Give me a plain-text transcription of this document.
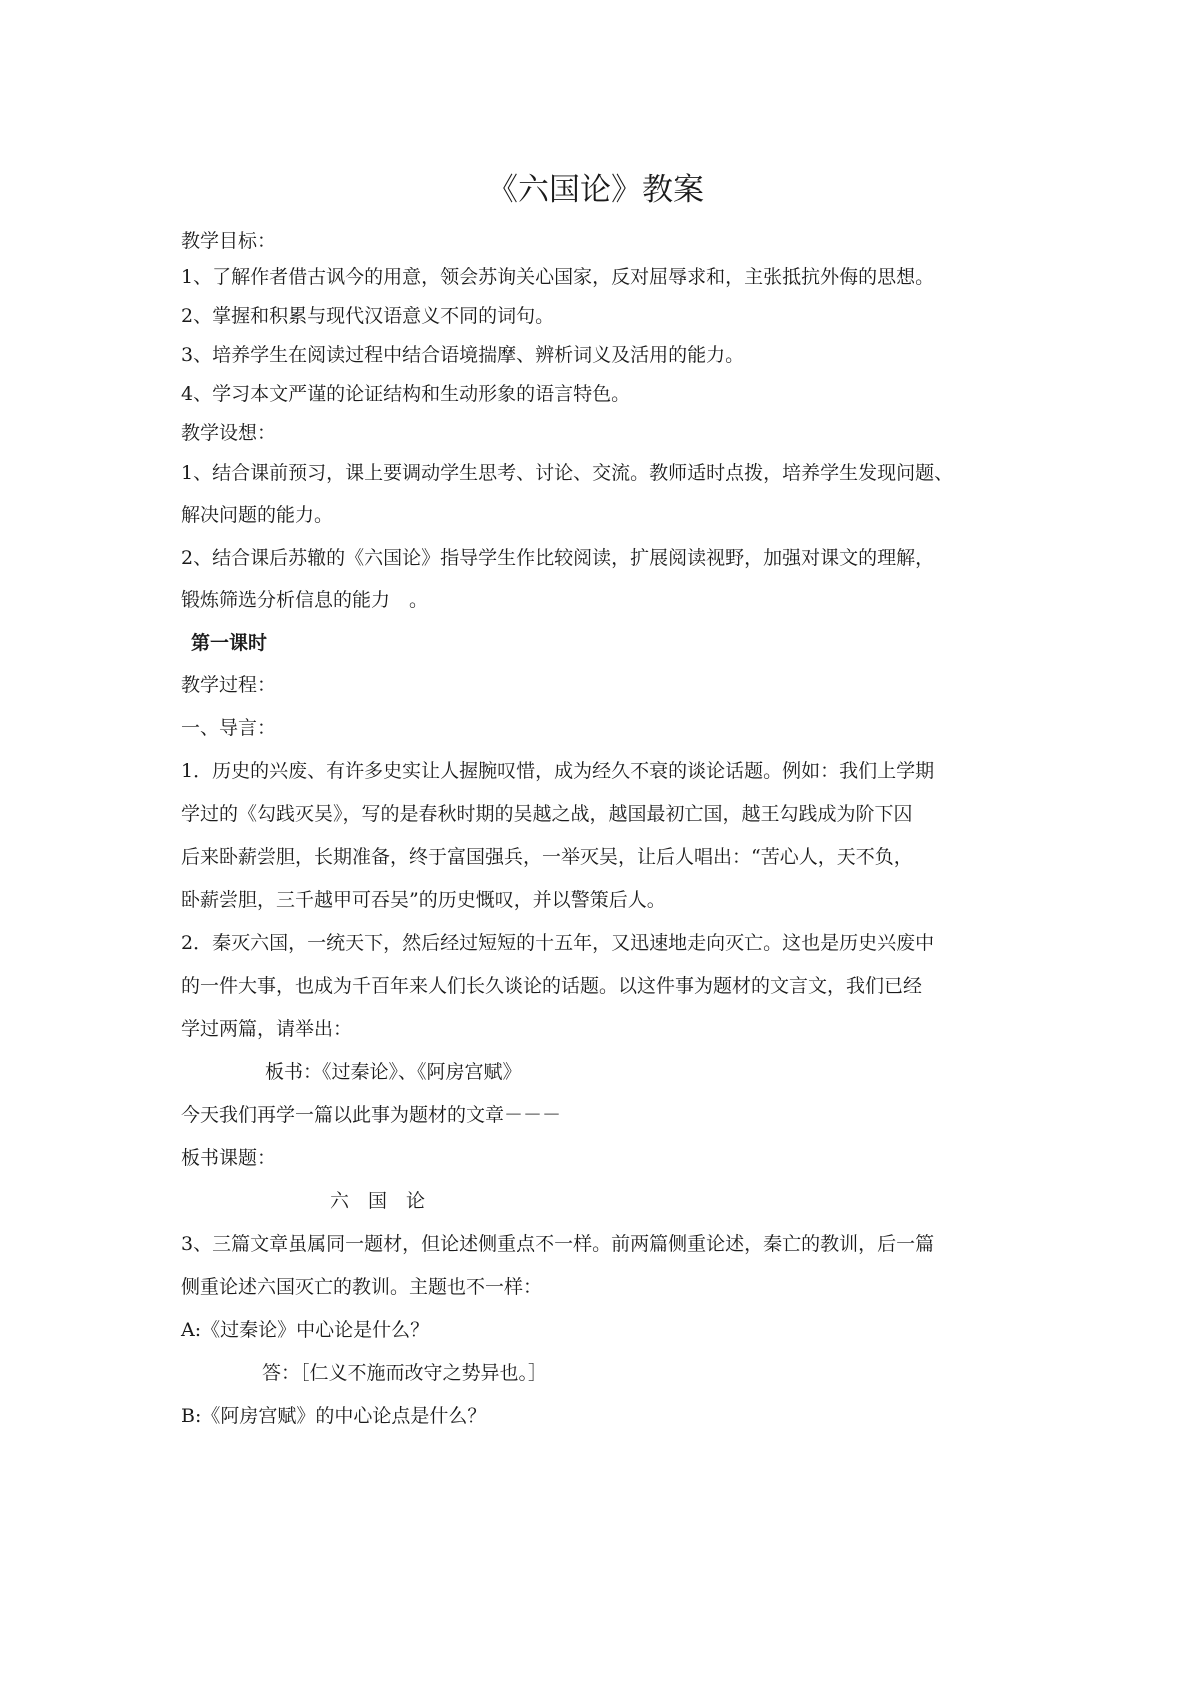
《六国论》教案
教学目标：
1、了解作者借古讽今的用意，领会苏询关心国家，反对屈辱求和，主张抵抗外侮的思想。
2、掌握和积累与现代汉语意义不同的词句。
3、培养学生在阅读过程中结合语境揣摩、辨析词义及活用的能力。
4、学习本文严谨的论证结构和生动形象的语言特色。
教学设想：
1、结合课前预习，课上要调动学生思考、讨论、交流。教师适时点拨，培养学生发现问题、
解决问题的能力。
2、结合课后苏辙的《六国论》指导学生作比较阅读，扩展阅读视野，加强对课文的理解，
锻炼筛选分析信息的能力　。
第一课时
教学过程：
一、导言：
1．历史的兴废、有许多史实让人握腕叹惜，成为经久不衰的谈论话题。例如：我们上学期
学过的《勾践灭吴》，写的是春秋时期的吴越之战，越国最初亡国，越王勾践成为阶下囚
后来卧薪尝胆，长期准备，终于富国强兵，一举灭吴，让后人唱出：“苦心人，天不负，
卧薪尝胆，三千越甲可吞吴”的历史慨叹，并以警策后人。
2．秦灭六国，一统天下，然后经过短短的十五年，又迅速地走向灭亡。这也是历史兴废中
的一件大事，也成为千百年来人们长久谈论的话题。以这件事为题材的文言文，我们已经
学过两篇，请举出：
板书：《过秦论》、《阿房宫赋》
今天我们再学一篇以此事为题材的文章－－－
板书课题：
六　国　论
3、三篇文章虽属同一题材，但论述侧重点不一样。前两篇侧重论述，秦亡的教训，后一篇
侧重论述六国灭亡的教训。主题也不一样：
A:《过秦论》中心论是什么？
答：［仁义不施而改守之势异也。］
B:《阿房宫赋》的中心论点是什么？
